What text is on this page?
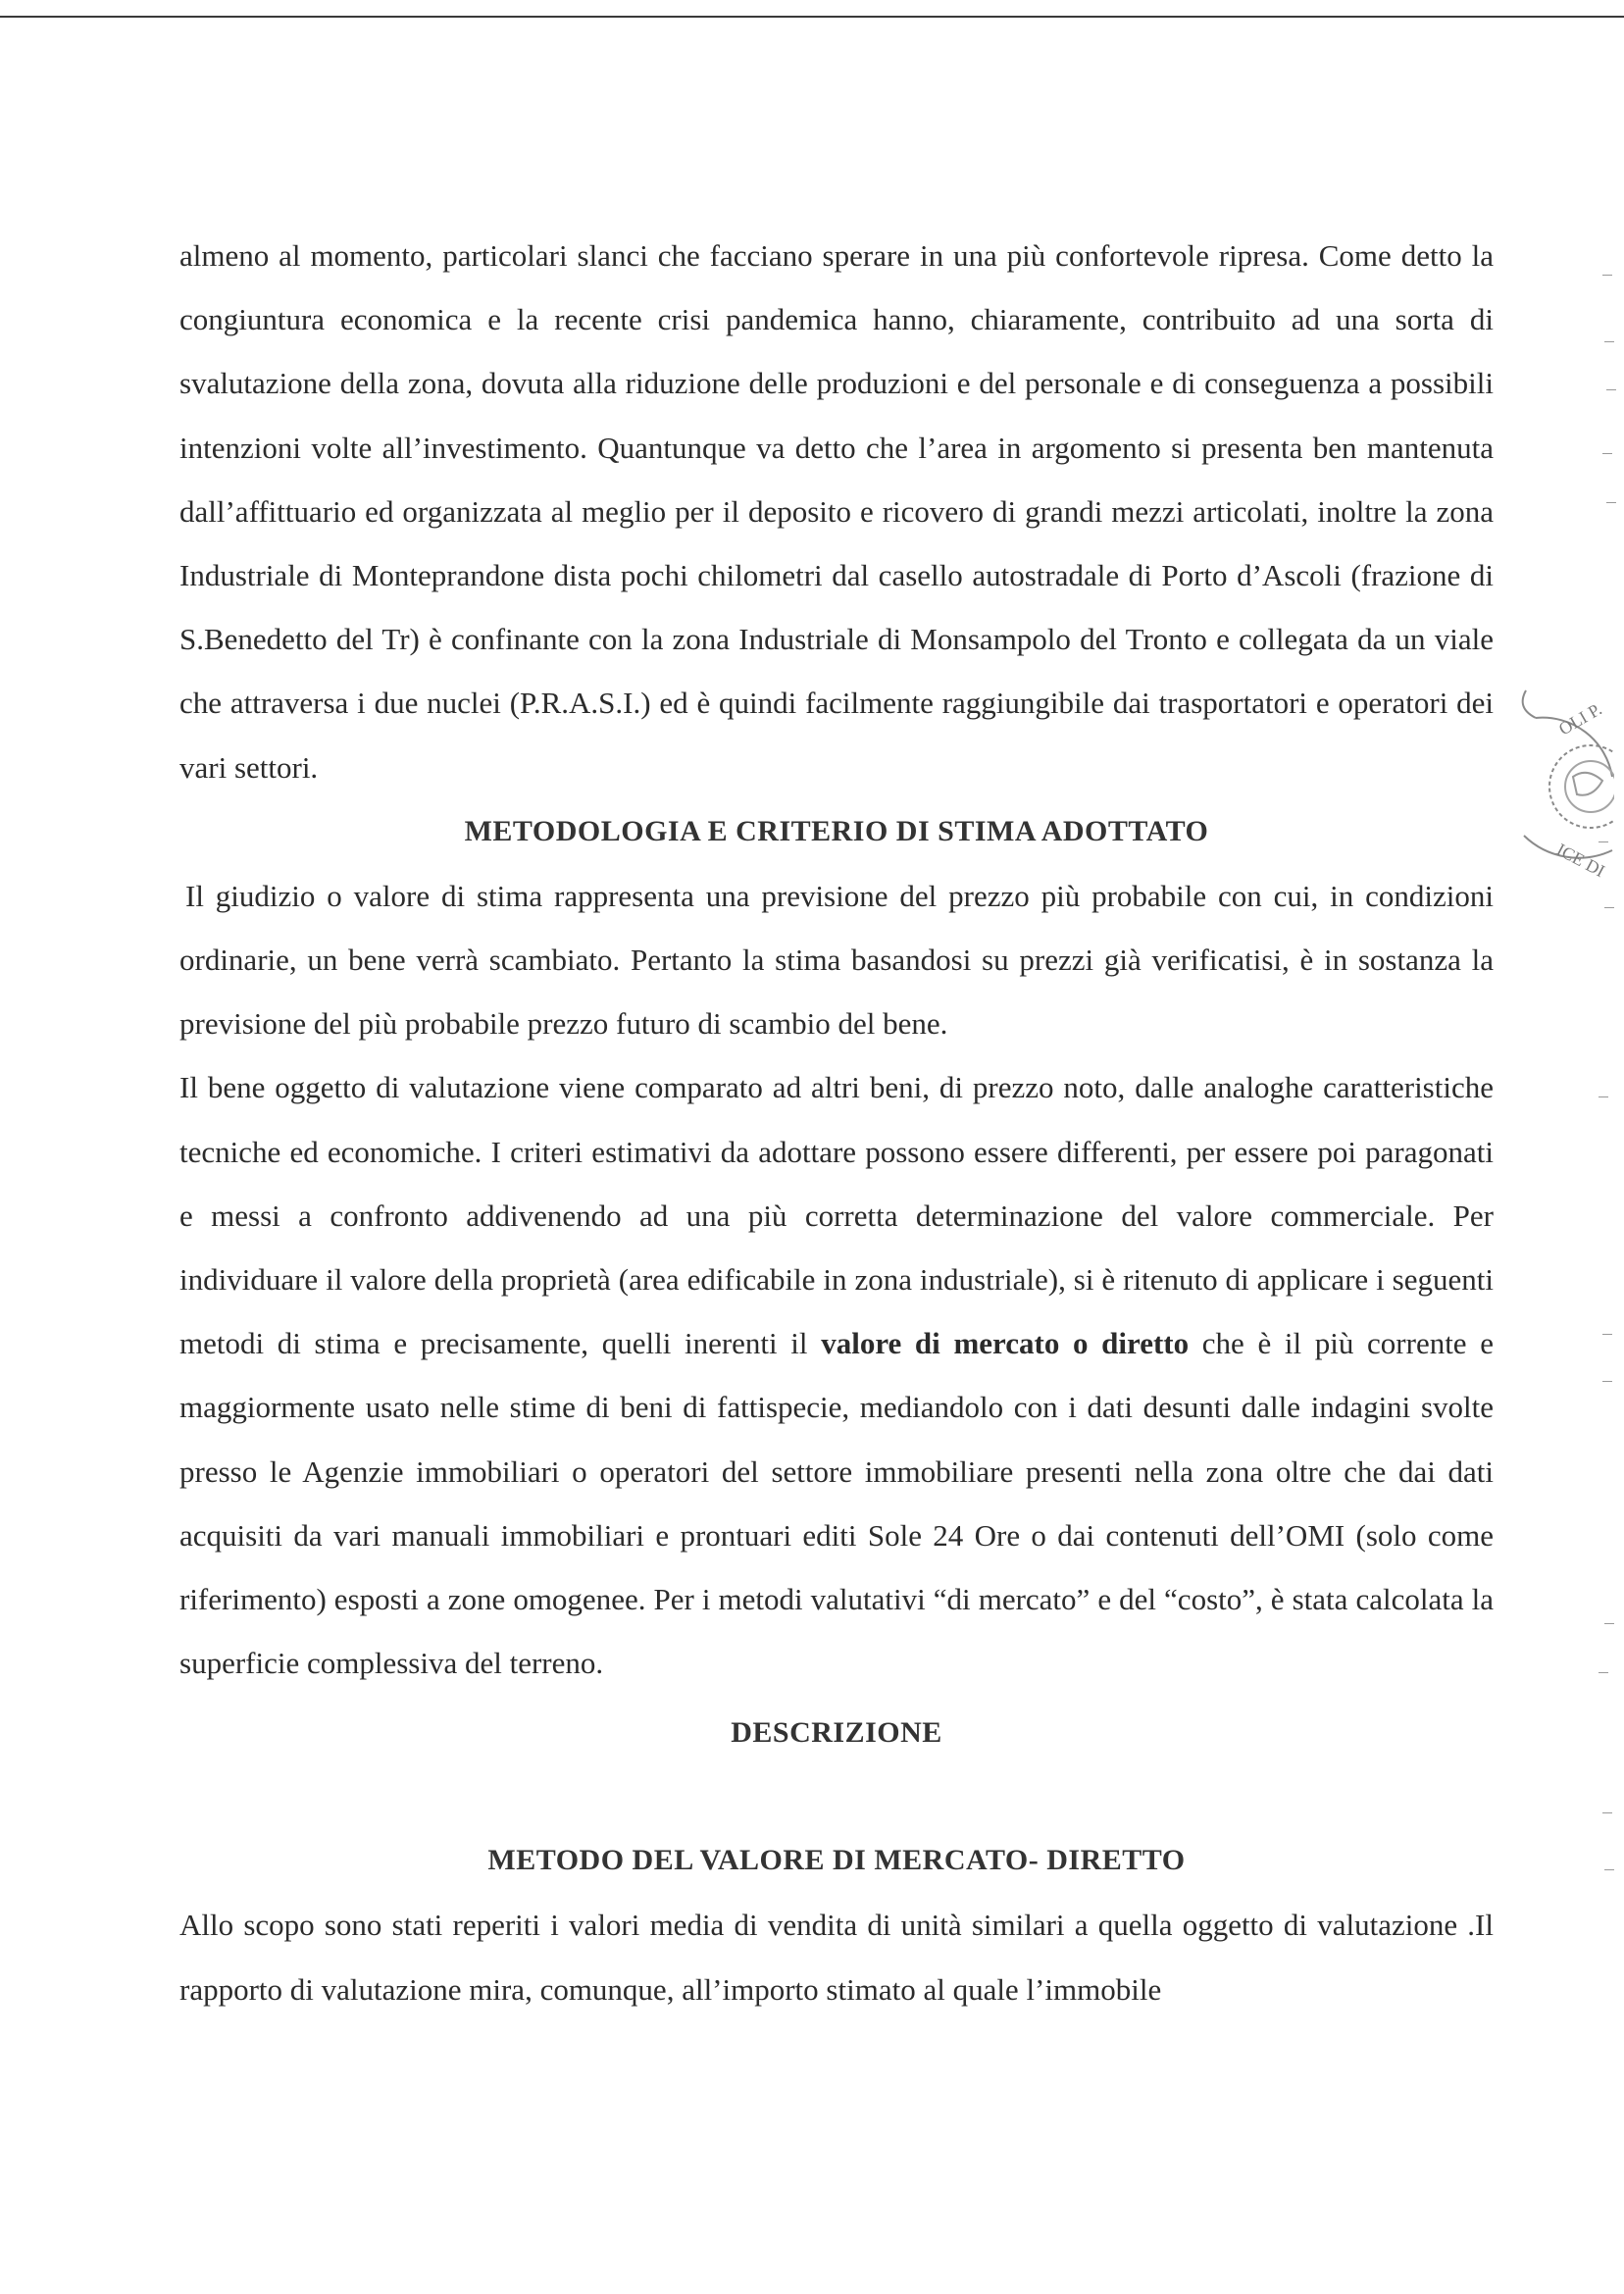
almeno al momento, particolari slanci che facciano sperare in una più confortevole ripresa. Come detto la congiuntura economica e la recente crisi pandemica hanno, chiaramente, contribuito ad una sorta di svalutazione della zona, dovuta alla riduzione delle produzioni e del personale e di conseguenza a possibili intenzioni volte all’investimento. Quantunque va detto che l’area in argomento si presenta ben mantenuta dall’affittuario ed organizzata al meglio per il deposito e ricovero di grandi mezzi articolati, inoltre la zona Industriale di Monteprandone dista pochi chilometri dal casello autostradale di Porto d’Ascoli (frazione di S.Benedetto del Tr) è confinante con la zona Industriale di Monsampolo del Tronto e collegata da un viale che attraversa i due nuclei (P.R.A.S.I.) ed è quindi facilmente raggiungibile dai trasportatori e operatori dei vari settori.

METODOLOGIA E CRITERIO DI STIMA ADOTTATO

Il giudizio o valore di stima rappresenta una previsione del prezzo più probabile con cui, in condizioni ordinarie, un bene verrà scambiato. Pertanto la stima basandosi su prezzi già verificatisi, è in sostanza la previsione del più probabile prezzo futuro di scambio del bene.

Il bene oggetto di valutazione viene comparato ad altri beni, di prezzo noto, dalle analoghe caratteristiche tecniche ed economiche. I criteri estimativi da adottare possono essere differenti, per essere poi paragonati e messi a confronto addivenendo ad una più corretta determinazione del valore commerciale. Per individuare il valore della proprietà (area edificabile in zona industriale), si è ritenuto di applicare i seguenti metodi di stima e precisamente, quelli inerenti il valore di mercato o diretto che è il più corrente e maggiormente usato nelle stime di beni di fattispecie, mediandolo con i dati desunti dalle indagini svolte presso le Agenzie immobiliari o operatori del settore immobiliare presenti nella zona oltre che dai dati acquisiti da vari manuali immobiliari e prontuari editi Sole 24 Ore o dai contenuti dell’OMI (solo come riferimento) esposti a zone omogenee. Per i metodi valutativi “di mercato” e del “costo”, è stata calcolata la superficie complessiva del terreno.

DESCRIZIONE
METODO DEL VALORE DI MERCATO- DIRETTO

Allo scopo sono stati reperiti i valori media di vendita di unità similari a quella oggetto di valutazione .Il rapporto di valutazione mira, comunque, all’importo stimato al quale l’immobile

OLI P.
ICE DI
